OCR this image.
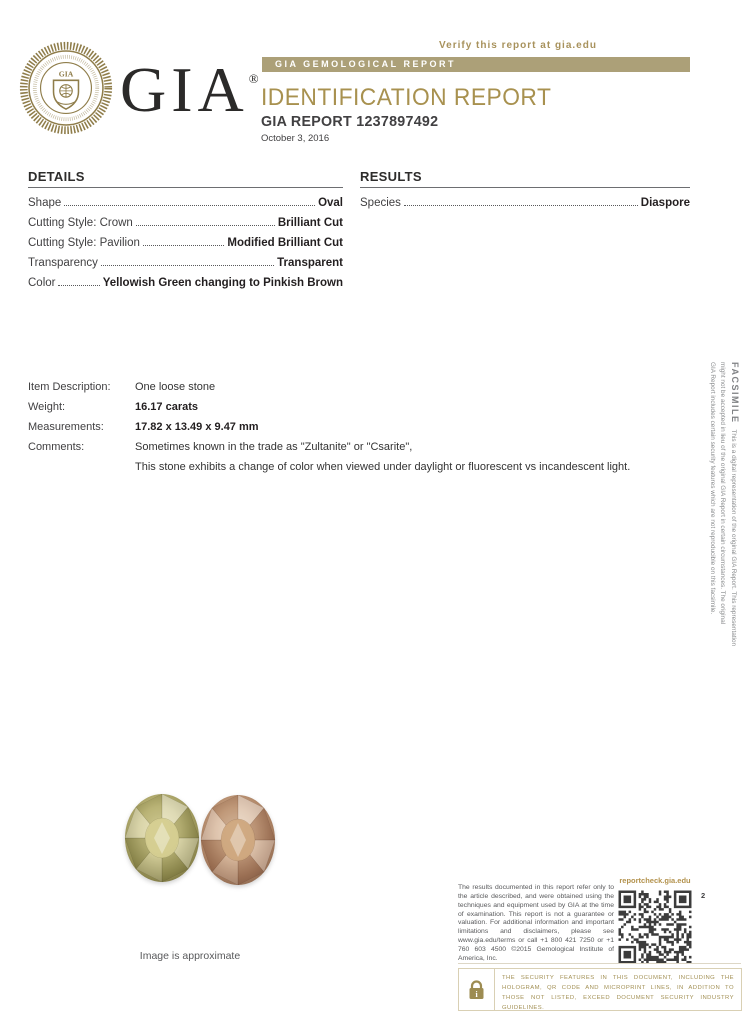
GIA GIA®
Verify this report at gia.edu
GIA GEMOLOGICAL REPORT
IDENTIFICATION REPORT
GIA REPORT 1237897492
October 3, 2016
DETAILS
Shape	Oval
Cutting Style: Crown	Brilliant Cut
Cutting Style: Pavilion	Modified Brilliant Cut
Transparency	Transparent
Color	Yellowish Green changing to Pinkish Brown
RESULTS
Species	Diaspore
Item Description:	One loose stone
Weight:	16.17 carats
Measurements:	17.82 x 13.49 x 9.47 mm
Comments:	Sometimes known in the trade as "Zultanite" or "Csarite",
This stone exhibits a change of color when viewed under daylight or fluorescent vs incandescent light.
FACSIMILEThis is a digital representation of the original GIA Report. This representation
might not be accepted in lieu of the original GIA Report in certain circumstances. The original
GIA Report includes certain security features which are not reproducible on this facsimile.
Image is approximate
The results documented in this report refer only to the article described, and were obtained using the techniques and equipment used by GIA at the time of examination. This report is not a guarantee or valuation. For additional information and important limitations and disclaimers, please see www.gia.edu/terms or call +1 800 421 7250 or +1 760 603 4500 ©2015 Gemological Institute of America, Inc.
reportcheck.gia.edu
2
i
THE SECURITY FEATURES IN THIS DOCUMENT, INCLUDING THE HOLOGRAM, QR CODE AND MICROPRINT LINES, IN ADDITION TO THOSE NOT LISTED, EXCEED DOCUMENT SECURITY INDUSTRY GUIDELINES.
